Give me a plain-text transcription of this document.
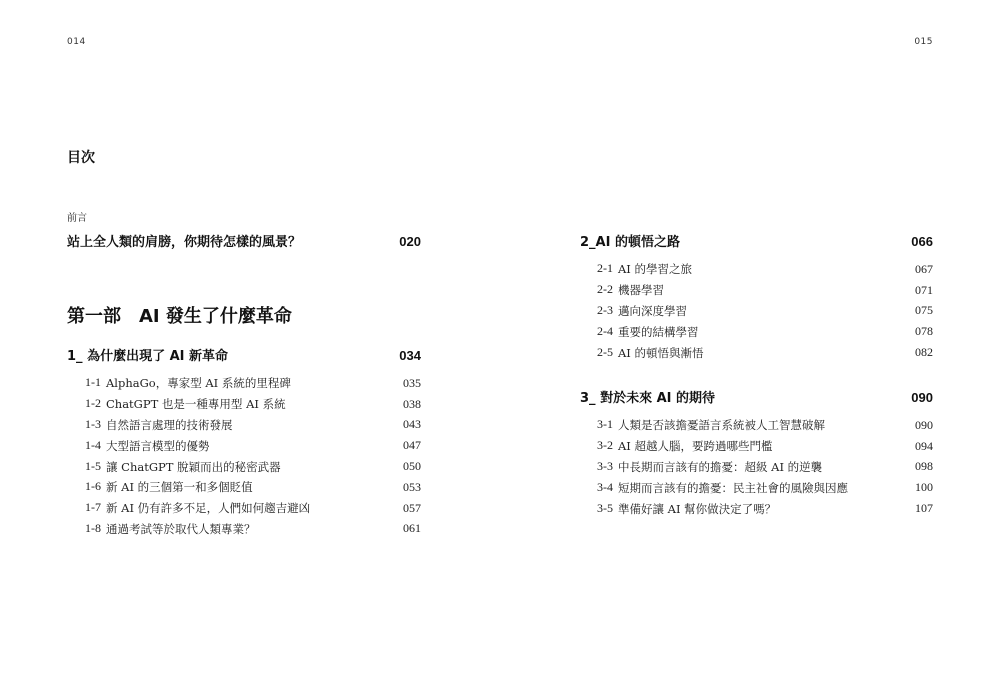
014	015
目次
前言
站上全人類的肩膀，你期待怎樣的風景？	020
第一部　AI 發生了什麼革命
1_ 為什麼出現了 AI 新革命	034
1-1 AlphaGo，專家型 AI 系統的里程碑	035
1-2 ChatGPT 也是一種專用型 AI 系統	038
1-3 自然語言處理的技術發展	043
1-4 大型語言模型的優勢	047
1-5 讓 ChatGPT 脫穎而出的秘密武器	050
1-6 新 AI 的三個第一和多個貶值	053
1-7 新 AI 仍有許多不足，人們如何趨吉避凶	057
1-8 通過考試等於取代人類專業？	061
2_AI 的頓悟之路	066
2-1 AI 的學習之旅	067
2-2 機器學習	071
2-3 邁向深度學習	075
2-4 重要的結構學習	078
2-5 AI 的頓悟與漸悟	082
3_ 對於未來 AI 的期待	090
3-1 人類是否該擔憂語言系統被人工智慧破解	090
3-2 AI 超越人腦，要跨過哪些門檻	094
3-3 中長期而言該有的擔憂：超級 AI 的逆襲	098
3-4 短期而言該有的擔憂：民主社會的風險與因應	100
3-5 準備好讓 AI 幫你做決定了嗎？	107
